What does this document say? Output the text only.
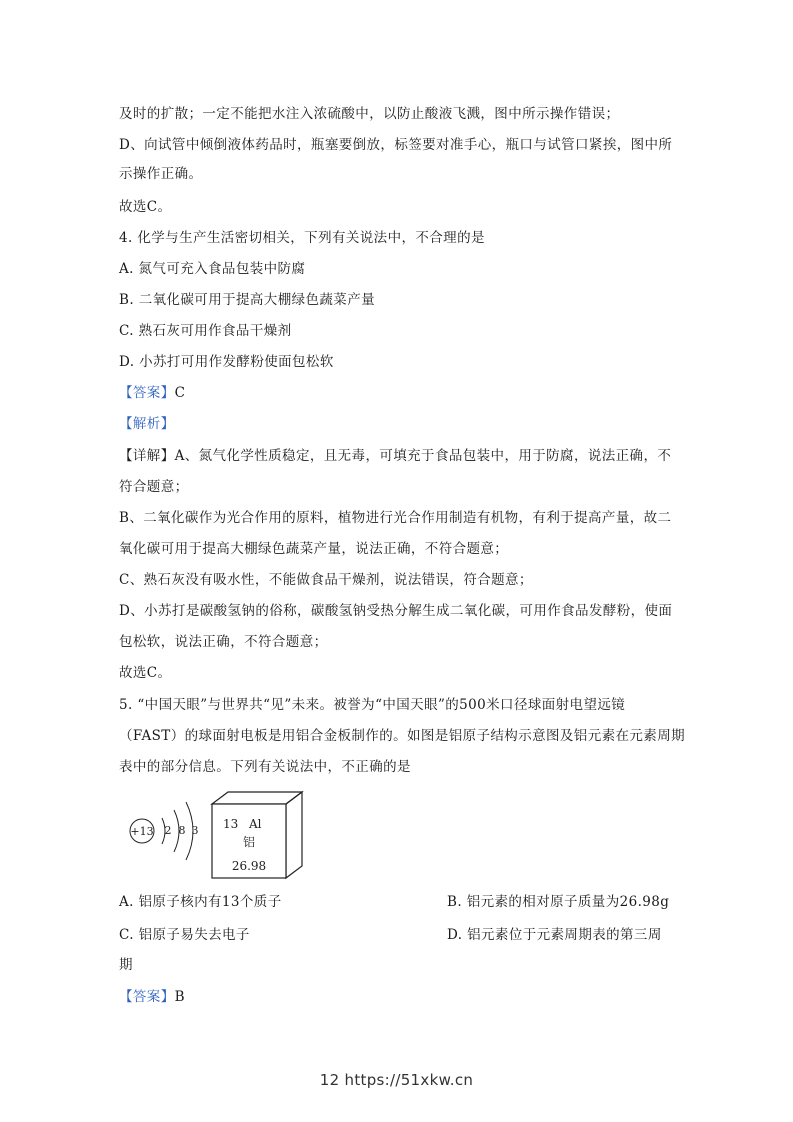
及时的扩散；一定不能把水注入浓硫酸中，以防止酸液飞溅，图中所示操作错误；
D、向试管中倾倒液体药品时，瓶塞要倒放，标签要对准手心，瓶口与试管口紧挨，图中所
示操作正确。
故选C。
4. 化学与生产生活密切相关，下列有关说法中，不合理的是
A. 氮气可充入食品包装中防腐
B. 二氧化碳可用于提高大棚绿色蔬菜产量
C. 熟石灰可用作食品干燥剂
D. 小苏打可用作发酵粉使面包松软
【答案】C
【解析】
【详解】A、氮气化学性质稳定，且无毒，可填充于食品包装中，用于防腐，说法正确，不
符合题意；
B、二氧化碳作为光合作用的原料，植物进行光合作用制造有机物，有利于提高产量，故二
氧化碳可用于提高大棚绿色蔬菜产量，说法正确，不符合题意；
C、熟石灰没有吸水性，不能做食品干燥剂，说法错误，符合题意；
D、小苏打是碳酸氢钠的俗称，碳酸氢钠受热分解生成二氧化碳，可用作食品发酵粉，使面
包松软，说法正确，不符合题意；
故选C。
5. “中国天眼”与世界共“见”未来。被誉为“中国天眼”的500米口径球面射电望远镜
（FAST）的球面射电板是用铝合金板制作的。如图是铝原子结构示意图及铝元素在元素周期
表中的部分信息。下列有关说法中，不正确的是
+13 2 8 3 13 Al
铝
26.98
A. 铝原子核内有13个质子	B. 铝元素的相对原子质量为26.98g
C. 铝原子易失去电子	D. 铝元素位于元素周期表的第三周
期
【答案】B
12 https://51xkw.cn
